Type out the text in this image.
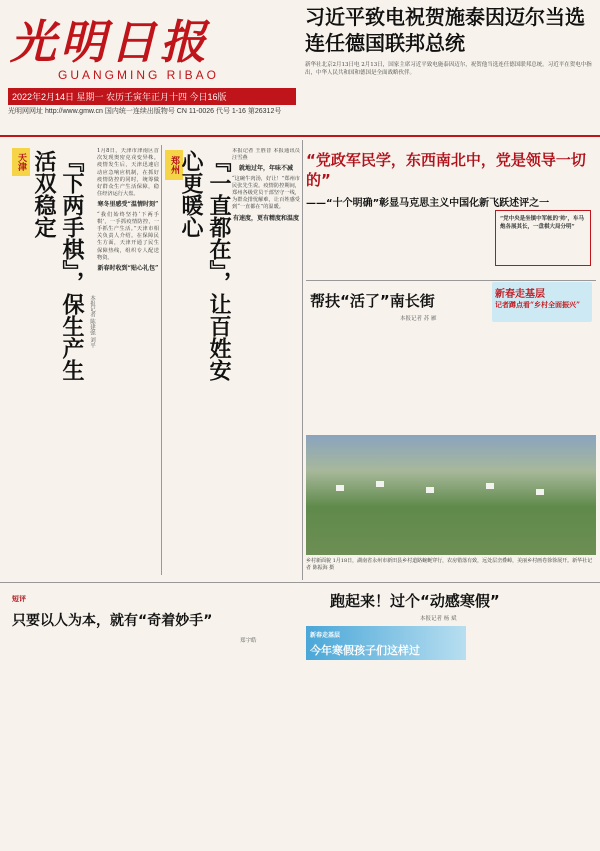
光明日报
GUANGMING RIBAO
2022年2月14日 星期一 农历壬寅年正月十四 今日16版
光明网网址 http://www.gmw.cn 国内统一连续出版物号 CN 11-0026 代号 1-16 第26312号
习近平致电祝贺施泰因迈尔当选连任德国联邦总统
新华社北京2月13日电 2月13日，国家主席习近平致电施泰因迈尔，祝贺他当选连任德国联邦总统。习近平在贺电中指出，中华人民共和国和德国是全面战略伙伴。
天津	『下两手棋』，保生产生活双稳定
本报记者 陈建强 刘平
1月8日，天津市津南区首次发现奥密克戎变异株。疫情发生后，天津迅速启动应急响应机制，在抓好疫情防控的同时，统筹做好群众生产生活保障，稳住经济运行大盘。
寒冬里感受“温情时刻”
“我们始终坚持‘下两手棋’，一手抓疫情防控，一手抓生产生活。”天津市相关负责人介绍。在保障民生方面，天津开通了民生保障热线，组织专人配送物资。
新春时收到“贴心礼包”
郑州	『一直都在』，让百姓安心更暖心	本报记者 王胜昔 本报通讯员 汪雪燕
就地过年，年味不减
“这碗牛肉汤，好让！”郑州市民张先生说。疫情防控期间，郑州各级党员干部坚守一线，为群众排忧解难，让百姓感受到“一直都在”的温暖。
有速度，更有精度和温度
“党政军民学，东西南北中，党是领导一切的”
——“十个明确”彰显马克思主义中国化新飞跃述评之一
“党中央是坐镇中军帐的‘帅’，车马炮各展其长，一盘棋大局分明”
帮扶“活了”南长街
本报记者 苏 雁
新春走基层
记者蹲点看“乡村全面振兴”
乡村新面貌 1月18日，湖南省永州市新田县乡村道路蜿蜒穿行，农房错落有致，远处层峦叠嶂，美丽乡村画卷徐徐展开。新华社记者 陈振海 摄
短评
只要以人为本，就有“奇着妙手”
郑宇皓
跑起来！过个“动感寒假”
本报记者 杨 斌
新春走基层
今年寒假孩子们这样过
